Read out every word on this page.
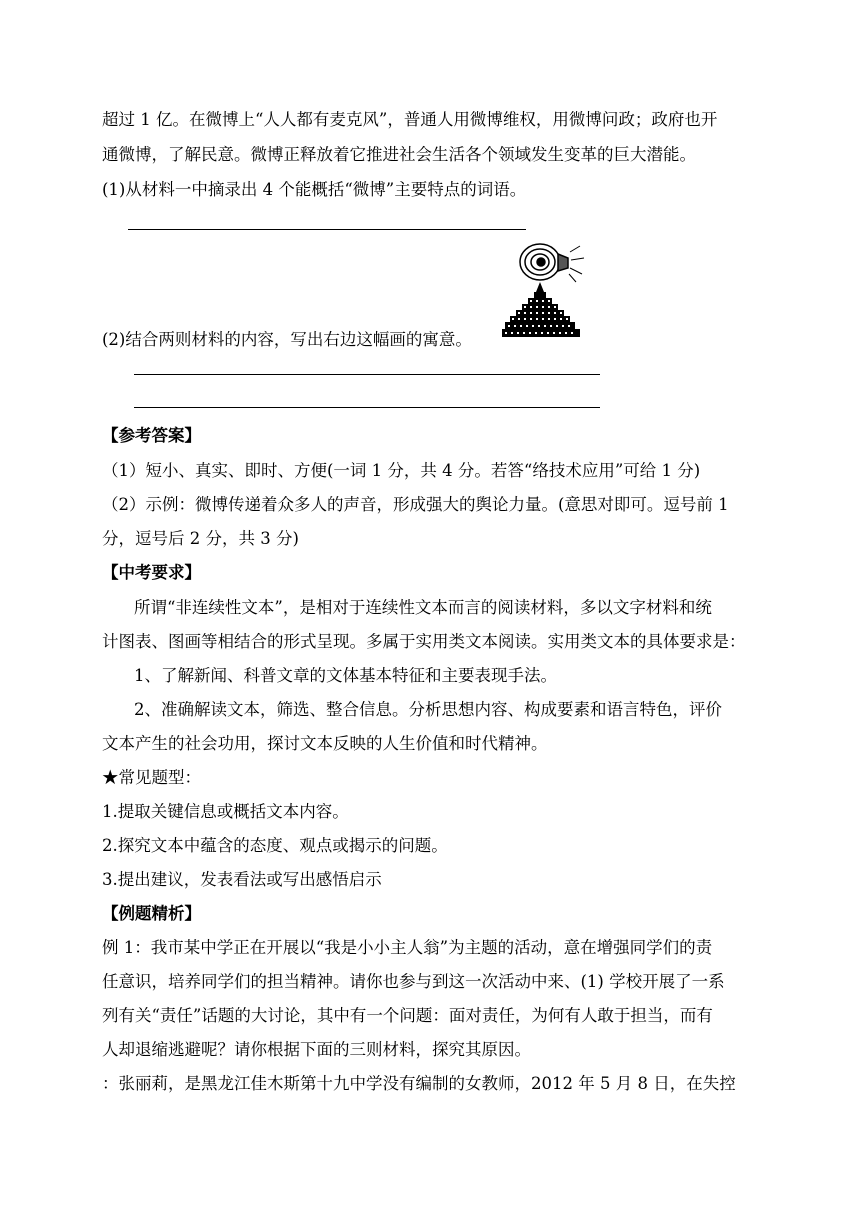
超过 1 亿。在微博上“人人都有麦克风”，普通人用微博维权，用微博问政；政府也开
通微博，了解民意。微博正释放着它推进社会生活各个领域发生变革的巨大潜能。
(1)从材料一中摘录出 4 个能概括“微博”主要特点的词语。
(2)结合两则材料的内容，写出右边这幅画的寓意。
【参考答案】
（1）短小、真实、即时、方便(一词 1 分，共 4 分。若答“络技术应用”可给 1 分)
（2）示例：微博传递着众多人的声音，形成强大的舆论力量。(意思对即可。逗号前 1
分，逗号后 2 分，共 3 分)
【中考要求】
所谓“非连续性文本”，是相对于连续性文本而言的阅读材料，多以文字材料和统
计图表、图画等相结合的形式呈现。多属于实用类文本阅读。实用类文本的具体要求是：
1、了解新闻、科普文章的文体基本特征和主要表现手法。
2、准确解读文本，筛选、整合信息。分析思想内容、构成要素和语言特色，评价
文本产生的社会功用，探讨文本反映的人生价值和时代精神。
★常见题型：
1.提取关键信息或概括文本内容。
2.探究文本中蕴含的态度、观点或揭示的问题。
3.提出建议，发表看法或写出感悟启示
【例题精析】
例 1：我市某中学正在开展以“我是小小主人翁”为主题的活动，意在增强同学们的责
任意识，培养同学们的担当精神。请你也参与到这一次活动中来、(1) 学校开展了一系
列有关“责任”话题的大讨论，其中有一个问题：面对责任，为何有人敢于担当，而有
人却退缩逃避呢？请你根据下面的三则材料，探究其原因。
：张丽莉，是黑龙江佳木斯第十九中学没有编制的女教师，2012 年 5 月 8 日，在失控
